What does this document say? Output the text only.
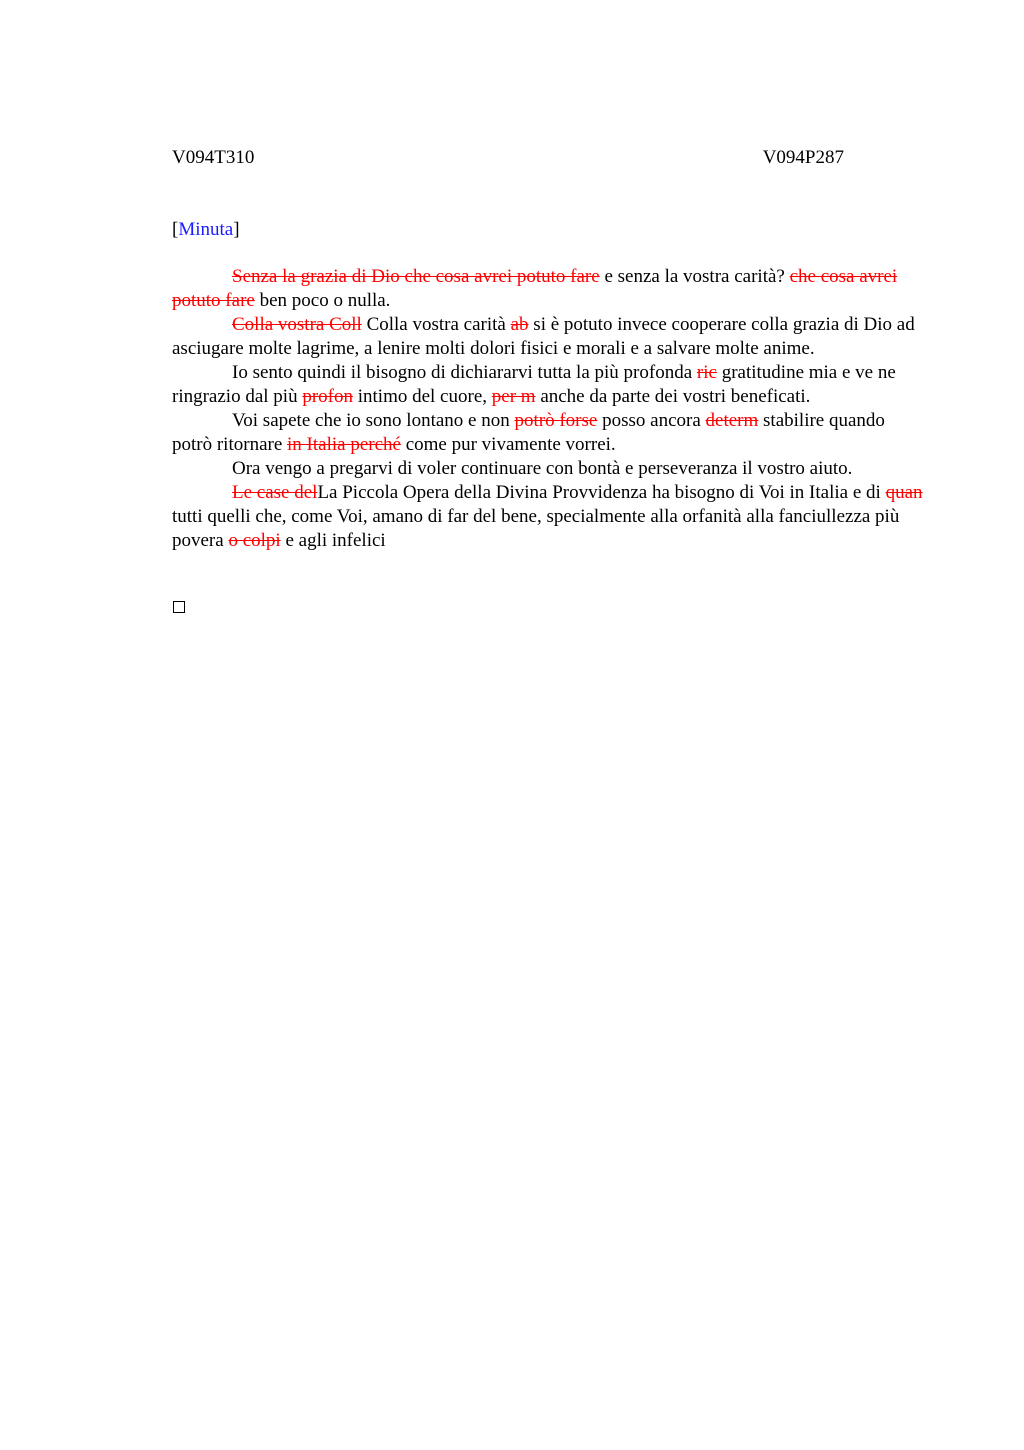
V094T310	V094P287
[Minuta]

Senza la grazia di Dio che cosa avrei potuto fare e senza la vostra carità? che cosa avrei potuto fare ben poco o nulla.

Colla vostra Coll Colla vostra carità ab si è potuto invece cooperare colla grazia di Dio ad asciugare molte lagrime, a lenire molti dolori fisici e morali e a salvare molte anime.

Io sento quindi il bisogno di dichiararvi tutta la più profonda ric gratitudine mia e ve ne ringrazio dal più profon intimo del cuore, per m anche da parte dei vostri beneficati.

Voi sapete che io sono lontano e non potrò forse posso ancora determ stabilire quando potrò ritornare in Italia perché come pur vivamente vorrei.

Ora vengo a pregarvi di voler continuare con bontà e perseveranza il vostro aiuto.

Le case delLa Piccola Opera della Divina Provvidenza ha bisogno di Voi in Italia e di quan tutti quelli che, come Voi, amano di far del bene, specialmente alla orfanità alla fanciullezza più povera o colpi e agli infelici
